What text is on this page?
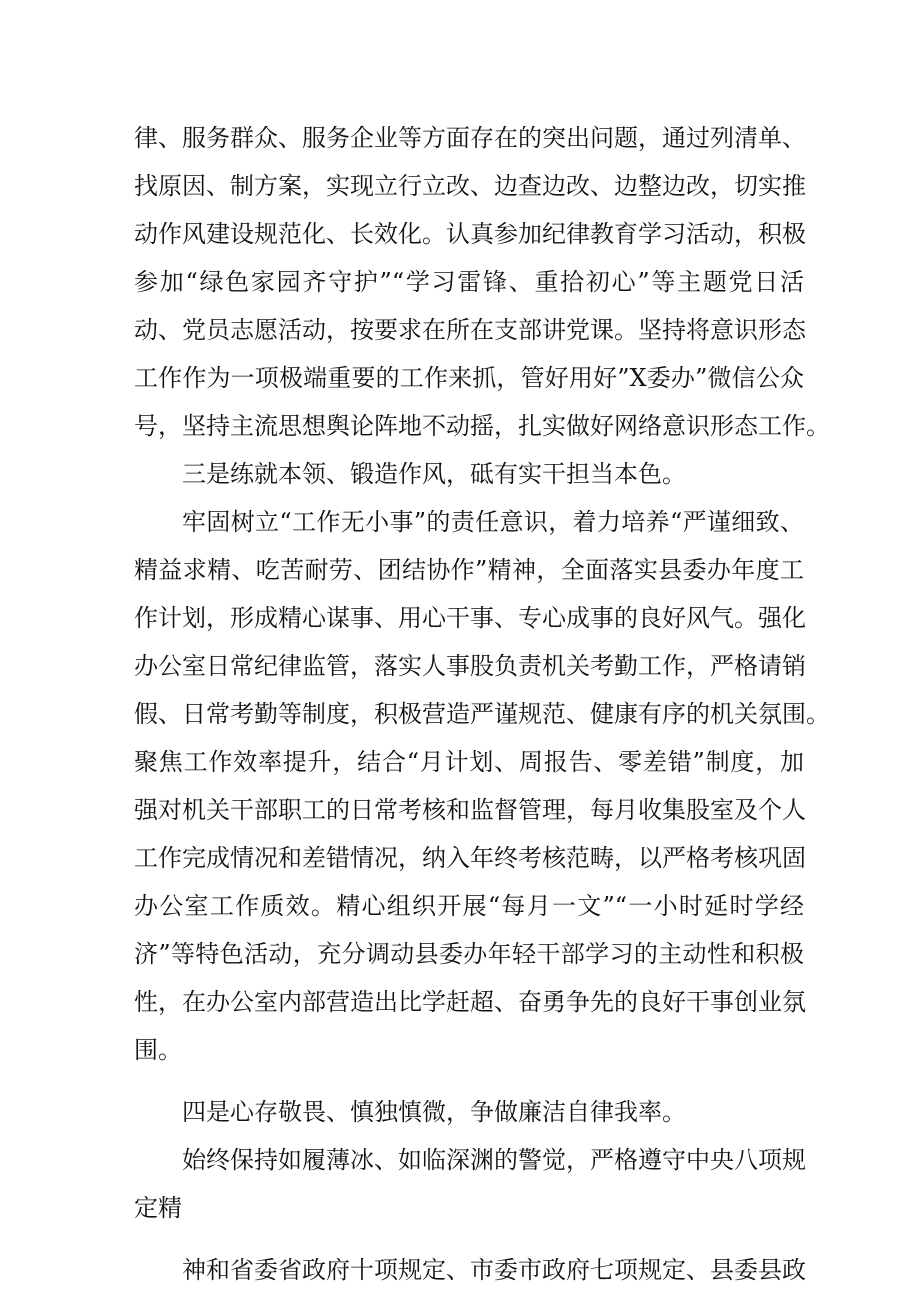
律、服务群众、服务企业等方面存在的突出问题，通过列清单、
找原因、制方案，实现立行立改、边查边改、边整边改，切实推
动作风建设规范化、长效化。认真参加纪律教育学习活动，积极
参加“绿色家园齐守护”“学习雷锋、重拾初心”等主题党日活
动、党员志愿活动，按要求在所在支部讲党课。坚持将意识形态
工作作为一项极端重要的工作来抓，管好用好”X委办”微信公众
号，坚持主流思想舆论阵地不动摇，扎实做好网络意识形态工作。
三是练就本领、锻造作风，砥有实干担当本色。
牢固树立“工作无小事”的责任意识，着力培养“严谨细致、
精益求精、吃苦耐劳、团结协作”精神，全面落实县委办年度工
作计划，形成精心谋事、用心干事、专心成事的良好风气。强化
办公室日常纪律监管，落实人事股负责机关考勤工作，严格请销
假、日常考勤等制度，积极营造严谨规范、健康有序的机关氛围。
聚焦工作效率提升，结合“月计划、周报告、零差错”制度，加
强对机关干部职工的日常考核和监督管理，每月收集股室及个人
工作完成情况和差错情况，纳入年终考核范畴，以严格考核巩固
办公室工作质效。精心组织开展“每月一文”“一小时延时学经
济”等特色活动，充分调动县委办年轻干部学习的主动性和积极
性，在办公室内部营造出比学赶超、奋勇争先的良好干事创业氛
围。
四是心存敬畏、慎独慎微，争做廉洁自律我率。
始终保持如履薄冰、如临深渊的警觉，严格遵守中央八项规
定精
神和省委省政府十项规定、市委市政府七项规定、县委县政
